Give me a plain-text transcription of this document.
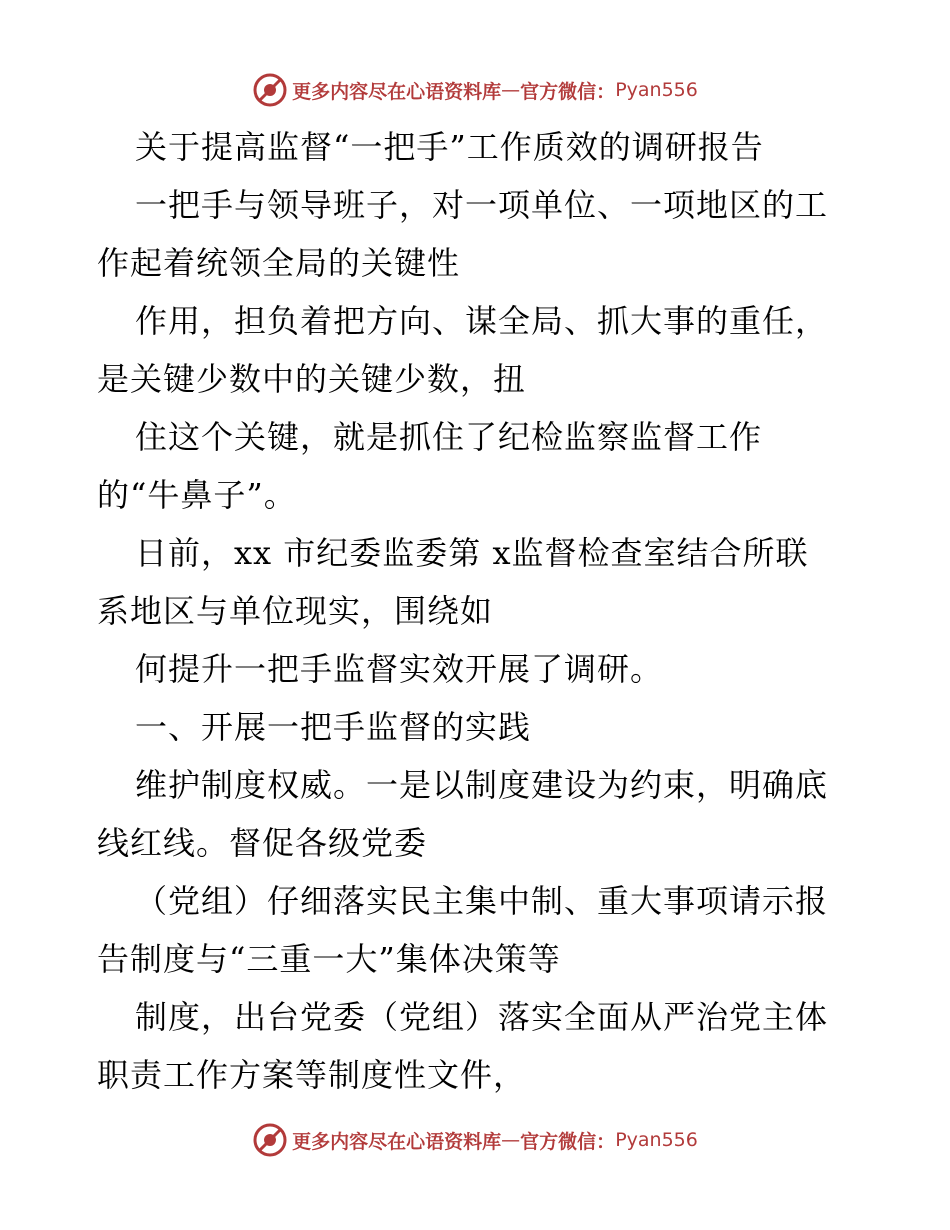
更多内容尽在心语资料库 — 官方微信： Pyan556
关于提高监督“一把手”工作质效的调研报告
一把手与领导班子，对一项单位、一项地区的工
作起着统领全局的关键性
作用，担负着把方向、谋全局、抓大事的重任，
是关键少数中的关键少数，扭
住这个关键，就是抓住了纪检监察监督工作
的“牛鼻子”。
日前，xx 市纪委监委第 x监督检查室结合所联
系地区与单位现实，围绕如
何提升一把手监督实效开展了调研。
一、开展一把手监督的实践
维护制度权威。一是以制度建设为约束，明确底
线红线。督促各级党委
（党组）仔细落实民主集中制、重大事项请示报
告制度与“三重一大”集体决策等
制度，出台党委（党组）落实全面从严治党主体
职责工作方案等制度性文件，
更多内容尽在心语资料库 — 官方微信： Pyan556
